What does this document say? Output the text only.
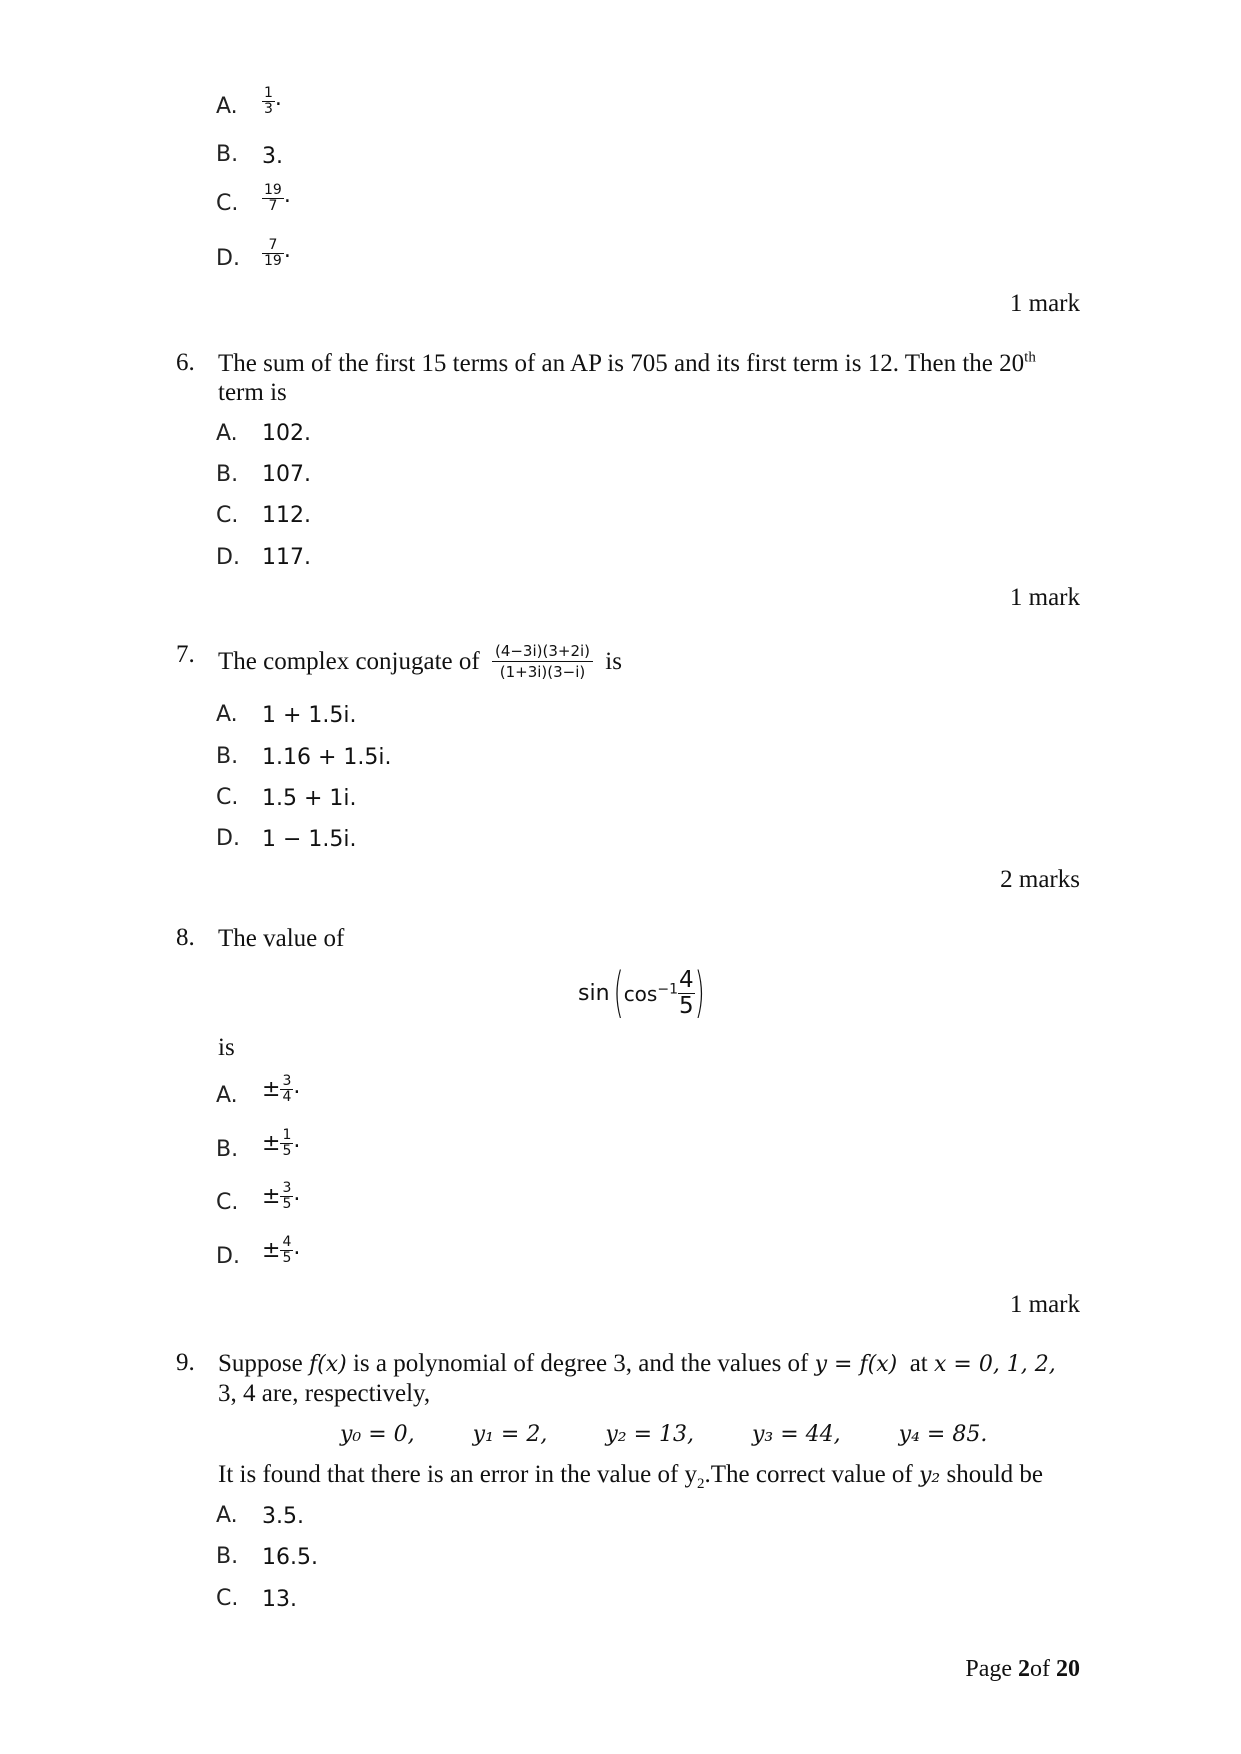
A. $\frac{1}{3}$ .
B. 3.
C. $\frac{19}{7}$ .
D. $\frac{7}{19}$ .
1 mark
6. The sum of the first 15 terms of an AP is 705 and its first term is 12. Then the 20th
term is
A. 102.
B. 107.
C. 112.
D. 117.
1 mark
7. The complex conjugate of $\frac{(4-3i)(3+2i)}{(1+3i)(3-i)}$ is
A. 1 + 1.5i.
B. 1.16 + 1.5i.
C. 1.5 + 1i.
D. 1 − 1.5i.
2 marks
8. The value of
$\sin (\cos^{-1} \frac{4}{5}$ )
is
A. ± $\frac{3}{4}$ .
B. ± $\frac{1}{5}$ .
C. ± $\frac{3}{5}$ .
D. ± $\frac{4}{5}$ .
1 mark
9. Suppose f(x) is a polynomial of degree 3, and the values of y = f(x) at x = 0, 1, 2,
3, 4 are, respectively,
y₀ = 0,	y₁ = 2,	y₂ = 13,	y₃ = 44,	y₄ = 85.
It is found that there is an error in the value of $y_2.The$ correct value of y₂ should be
A. 3.5.
B. 16.5.
C. 13.
Page 2of 20
